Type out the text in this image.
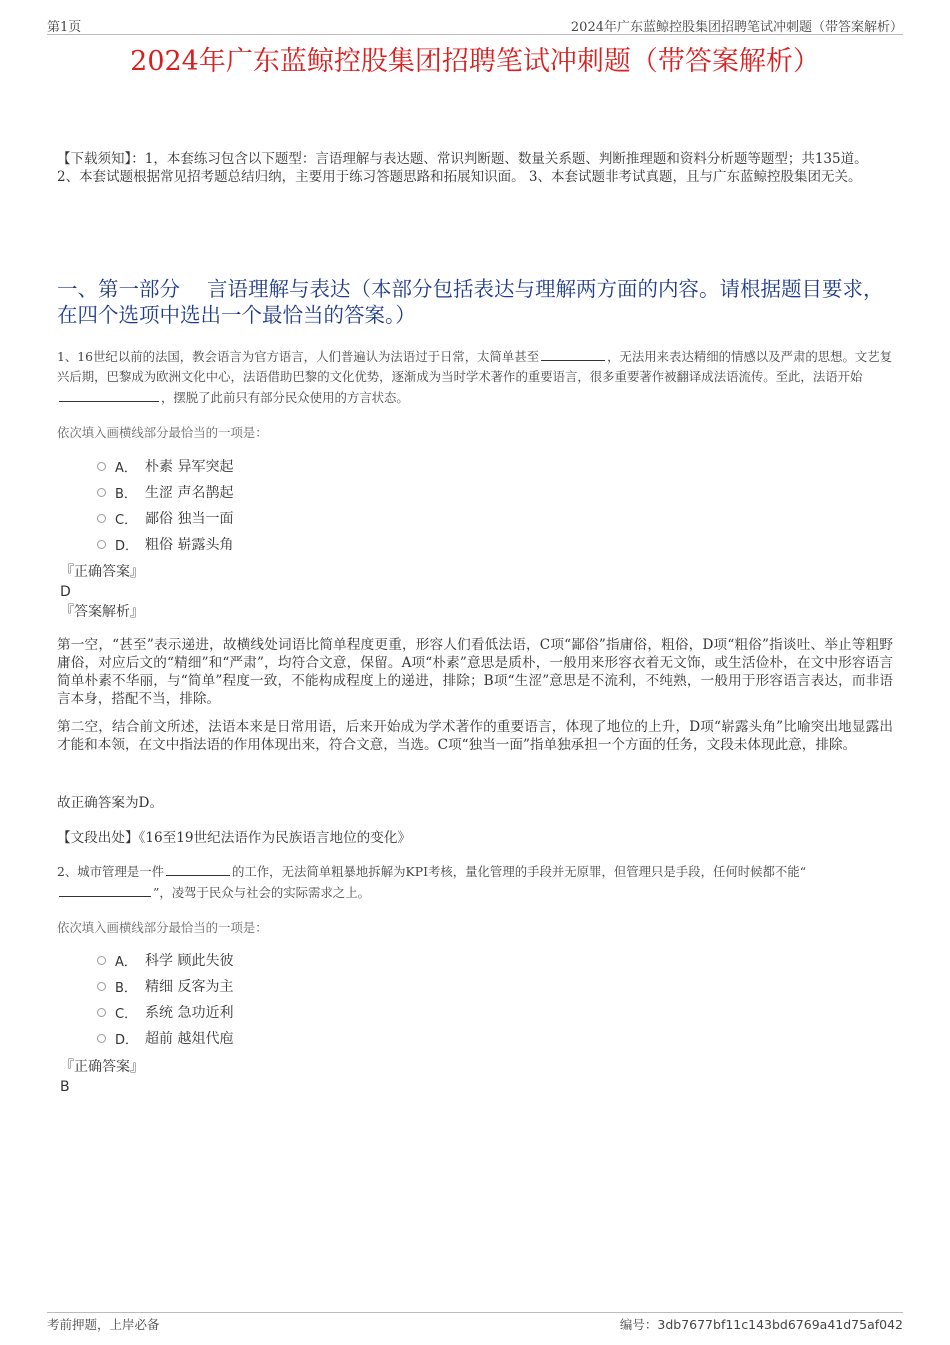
第1页	2024年广东蓝鲸控股集团招聘笔试冲刺题（带答案解析）
2024年广东蓝鲸控股集团招聘笔试冲刺题（带答案解析）
【下载须知】：1，本套练习包含以下题型：言语理解与表达题、常识判断题、数量关系题、判断推理题和资料分析题等题型；共135道。 2、本套试题根据常见招考题总结归纳，主要用于练习答题思路和拓展知识面。 3、本套试题非考试真题，且与广东蓝鲸控股集团无关。
一、第一部分　 言语理解与表达（本部分包括表达与理解两方面的内容。请根据题目要求，在四个选项中选出一个最恰当的答案。）
1、16世纪以前的法国，教会语言为官方语言，人们普遍认为法语过于日常，太简单甚至	，无法用来表达精细的情感以及严肃的思想。文艺复兴后期，巴黎成为欧洲文化中心，法语借助巴黎的文化优势，逐渐成为当时学术著作的重要语言，很多重要著作被翻译成法语流传。至此，法语开始，摆脱了此前只有部分民众使用的方言状态。
依次填入画横线部分最恰当的一项是：
A． 朴素 异军突起
B． 生涩 声名鹊起
C． 鄙俗 独当一面
D． 粗俗 崭露头角
『正确答案』
D
『答案解析』
第一空，“甚至”表示递进，故横线处词语比简单程度更重，形容人们看低法语，C项“鄙俗”指庸俗，粗俗，D项“粗俗”指谈吐、举止等粗野庸俗，对应后文的“精细”和“严肃”，均符合文意，保留。A项“朴素”意思是质朴，一般用来形容衣着无文饰，或生活俭朴，在文中形容语言简单朴素不华丽，与“简单”程度一致，不能构成程度上的递进，排除；B项“生涩”意思是不流利，不纯熟，一般用于形容语言表达，而非语言本身，搭配不当，排除。
第二空，结合前文所述，法语本来是日常用语，后来开始成为学术著作的重要语言，体现了地位的上升，D项“崭露头角”比喻突出地显露出才能和本领，在文中指法语的作用体现出来，符合文意，当选。C项“独当一面”指单独承担一个方面的任务，文段未体现此意，排除。
故正确答案为D。
【文段出处】《16至19世纪法语作为民族语言地位的变化》
2、城市管理是一件	的工作，无法简单粗暴地拆解为KPI考核，量化管理的手段并无原罪，但管理只是手段，任何时候都不能“”，凌驾于民众与社会的实际需求之上。
依次填入画横线部分最恰当的一项是：
A． 科学 顾此失彼
B． 精细 反客为主
C． 系统 急功近利
D． 超前 越俎代庖
『正确答案』
B
考前押题，上岸必备	编号：3db7677bf11c143bd6769a41d75af042
